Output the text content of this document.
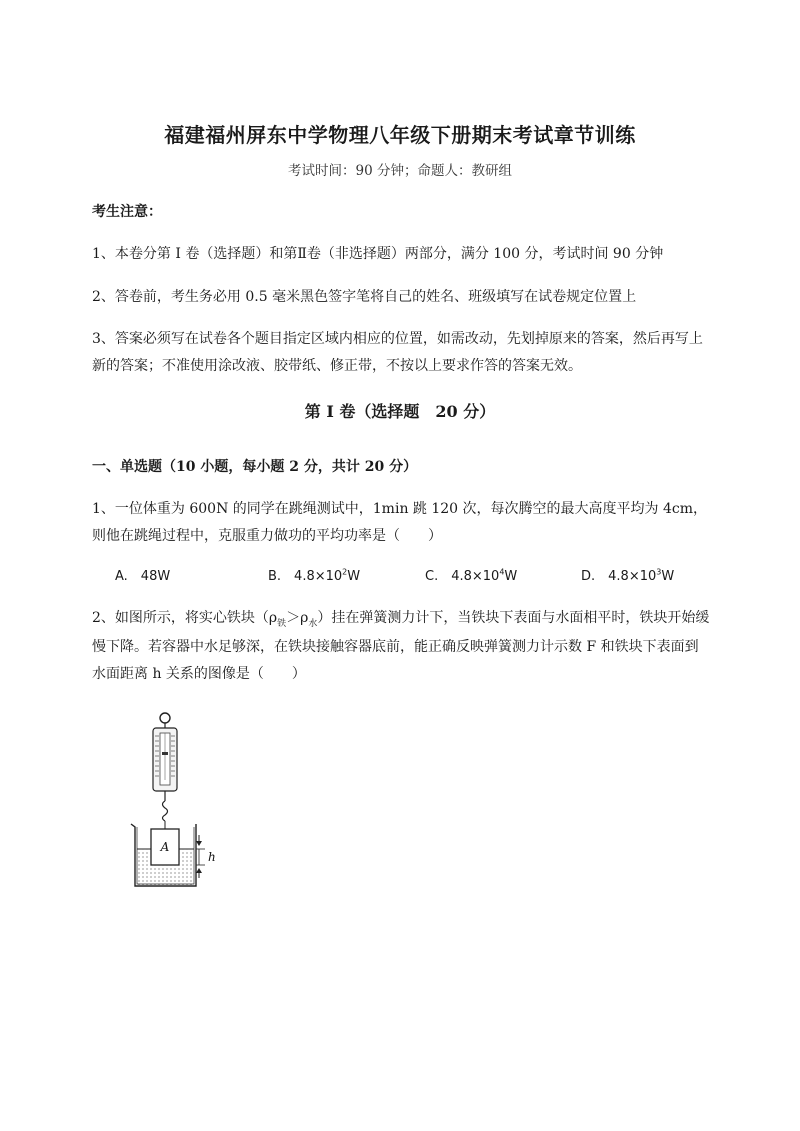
福建福州屏东中学物理八年级下册期末考试章节训练
考试时间：90 分钟；命题人：教研组
考生注意：
1、本卷分第 I 卷（选择题）和第Ⅱ卷（非选择题）两部分，满分 100 分，考试时间 90 分钟
2、答卷前，考生务必用 0.5 毫米黑色签字笔将自己的姓名、班级填写在试卷规定位置上
3、答案必须写在试卷各个题目指定区域内相应的位置，如需改动，先划掉原来的答案，然后再写上新的答案；不准使用涂改液、胶带纸、修正带，不按以上要求作答的答案无效。
第 I 卷（选择题　20 分）
一、单选题（10 小题，每小题 2 分，共计 20 分）
1、一位体重为 600N 的同学在跳绳测试中，1min 跳 120 次，每次腾空的最大高度平均为 4cm，则他在跳绳过程中，克服重力做功的平均功率是（　　）
A.　48W	B.　$4.8\times 10^2W$	C.　$4.8\times 10^4W$	D.　$4.8\times 10^3W$
2、如图所示，将实心铁块$(\rho_铁>\rho_水)$挂在弹簧测力计下，当铁块下表面与水面相平时，铁块开始缓慢下降。若容器中水足够深，在铁块接触容器底前，能正确反映弹簧测力计示数 F 和铁块下表面到水面距离 h 关系的图像是（　　）
A
h
